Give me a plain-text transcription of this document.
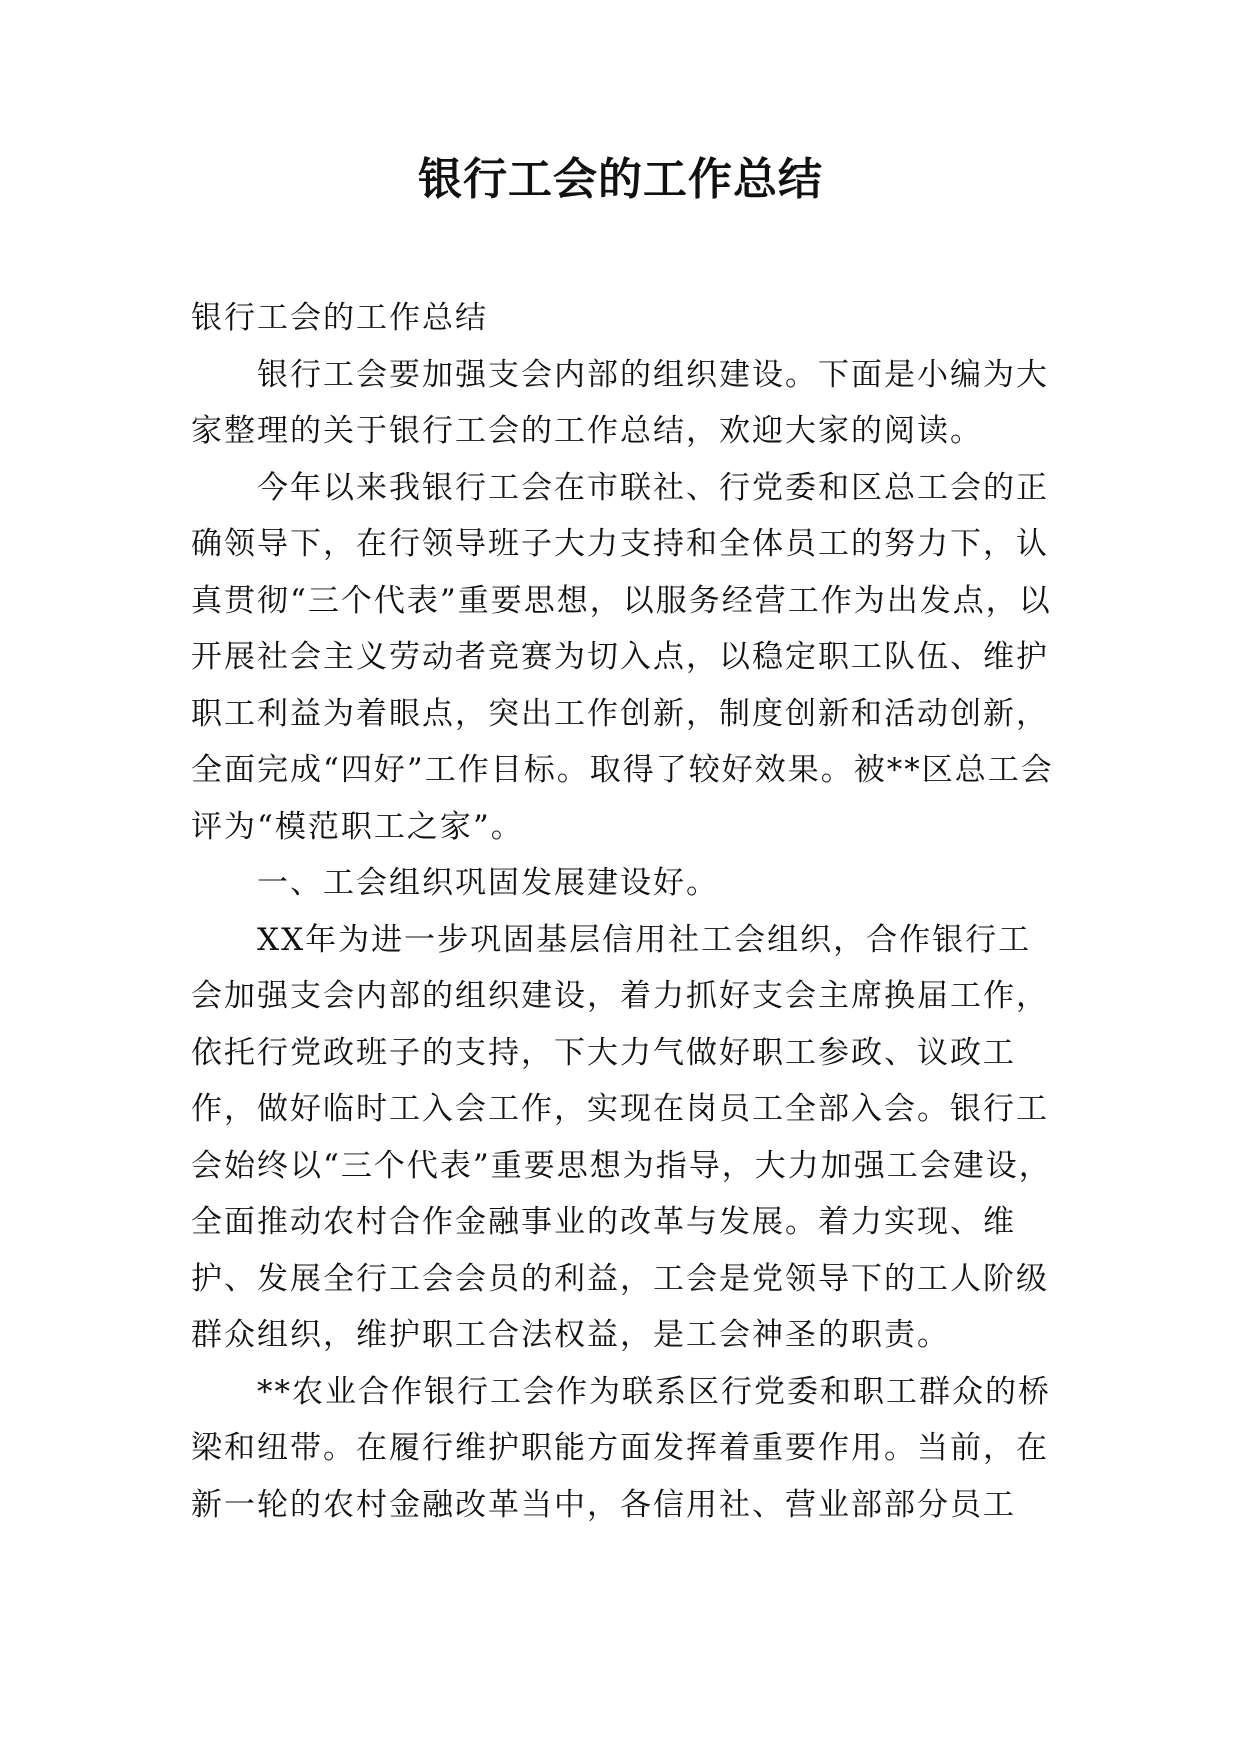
银行工会的工作总结

银行工会的工作总结

银行工会要加强支会内部的组织建设。下面是小编为大家整理的关于银行工会的工作总结，欢迎大家的阅读。

今年以来我银行工会在市联社、行党委和区总工会的正确领导下，在行领导班子大力支持和全体员工的努力下，认真贯彻“三个代表”重要思想，以服务经营工作为出发点，以开展社会主义劳动者竞赛为切入点，以稳定职工队伍、维护职工利益为着眼点，突出工作创新，制度创新和活动创新，全面完成“四好”工作目标。取得了较好效果。被**区总工会评为“模范职工之家”。

一、工会组织巩固发展建设好。

XX年为进一步巩固基层信用社工会组织，合作银行工会加强支会内部的组织建设，着力抓好支会主席换届工作，依托行党政班子的支持，下大力气做好职工参政、议政工作，做好临时工入会工作，实现在岗员工全部入会。银行工会始终以“三个代表”重要思想为指导，大力加强工会建设，全面推动农村合作金融事业的改革与发展。着力实现、维护、发展全行工会会员的利益，工会是党领导下的工人阶级群众组织，维护职工合法权益，是工会神圣的职责。

**农业合作银行工会作为联系区行党委和职工群众的桥梁和纽带。在履行维护职能方面发挥着重要作用。当前，在新一轮的农村金融改革当中，各信用社、营业部部分员工
